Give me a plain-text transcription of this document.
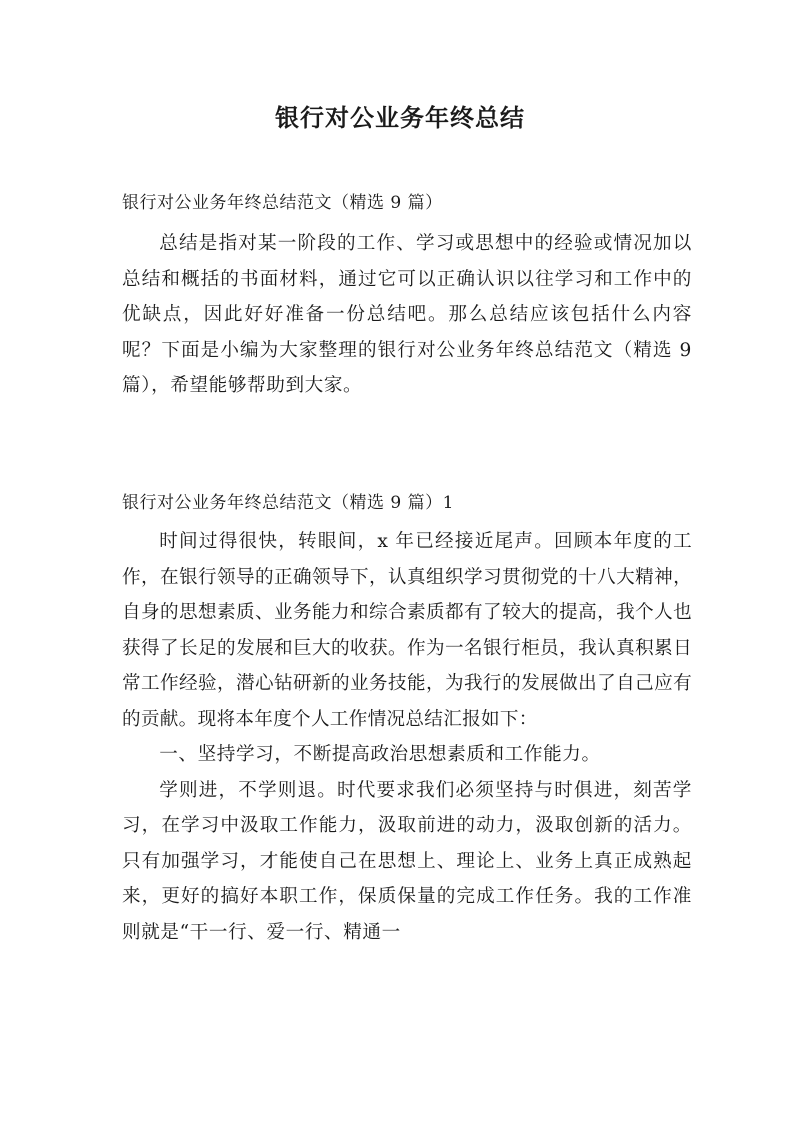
银行对公业务年终总结

银行对公业务年终总结范文（精选 9 篇）

总结是指对某一阶段的工作、学习或思想中的经验或情况加以总结和概括的书面材料，通过它可以正确认识以往学习和工作中的优缺点，因此好好准备一份总结吧。那么总结应该包括什么内容呢？下面是小编为大家整理的银行对公业务年终总结范文（精选 9 篇），希望能够帮助到大家。

银行对公业务年终总结范文（精选 9 篇）1

时间过得很快，转眼间，x 年已经接近尾声。回顾本年度的工作，在银行领导的正确领导下，认真组织学习贯彻党的十八大精神，自身的思想素质、业务能力和综合素质都有了较大的提高，我个人也获得了长足的发展和巨大的收获。作为一名银行柜员，我认真积累日常工作经验，潜心钻研新的业务技能，为我行的发展做出了自己应有的贡献。现将本年度个人工作情况总结汇报如下：

一、坚持学习，不断提高政治思想素质和工作能力。

学则进，不学则退。时代要求我们必须坚持与时俱进，刻苦学习，在学习中汲取工作能力，汲取前进的动力，汲取创新的活力。只有加强学习，才能使自己在思想上、理论上、业务上真正成熟起来，更好的搞好本职工作，保质保量的完成工作任务。我的工作准则就是“干一行、爱一行、精通一
